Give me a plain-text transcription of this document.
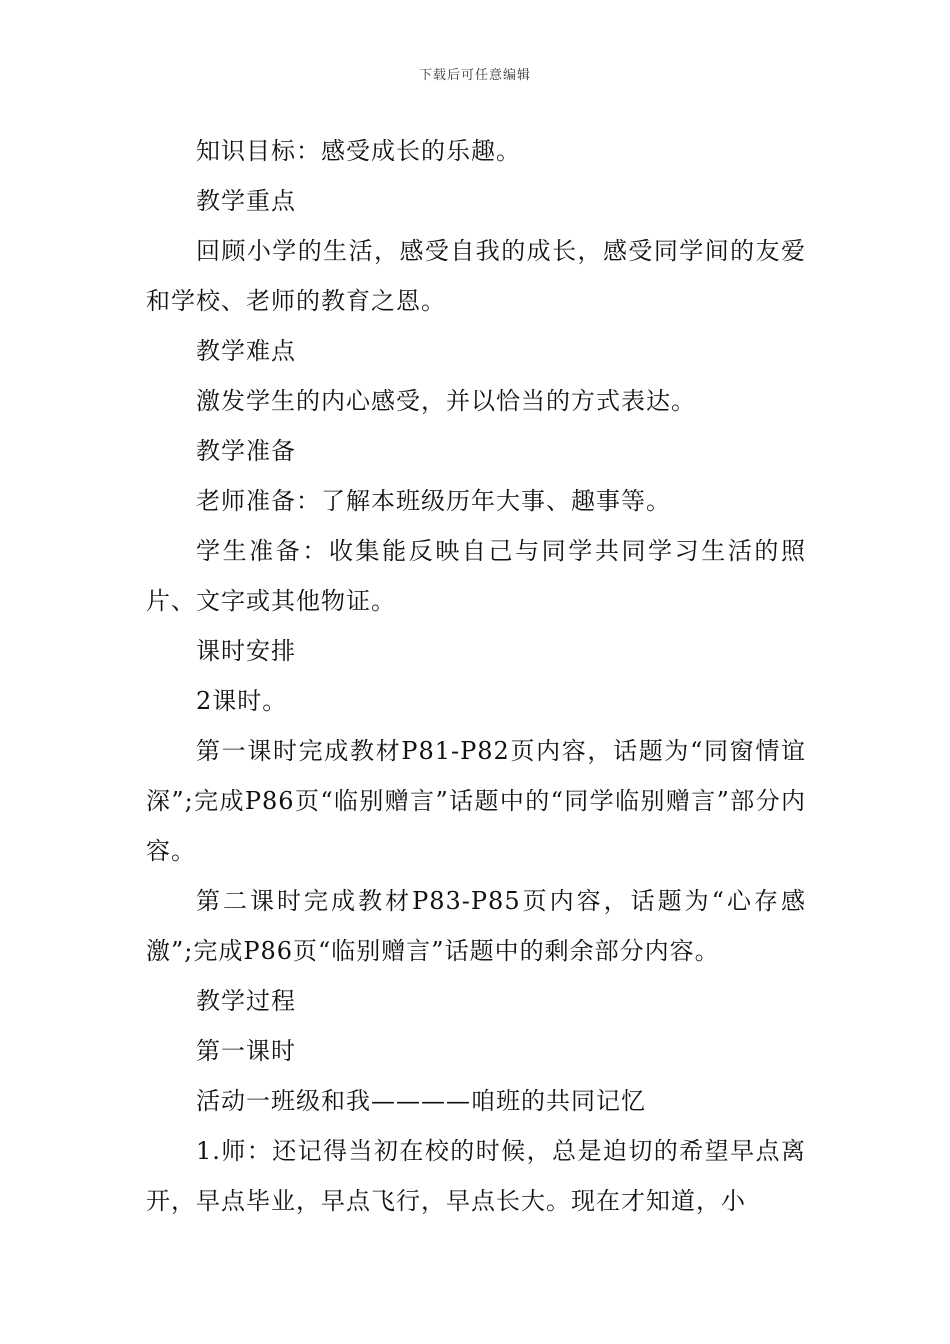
下载后可任意编辑

知识目标：感受成长的乐趣。

教学重点

回顾小学的生活，感受自我的成长，感受同学间的友爱和学校、老师的教育之恩。

教学难点

激发学生的内心感受，并以恰当的方式表达。

教学准备

老师准备：了解本班级历年大事、趣事等。

学生准备：收集能反映自己与同学共同学习生活的照片、文字或其他物证。

课时安排

2课时。

第一课时完成教材P81-P82页内容，话题为“同窗情谊深”;完成P86页“临别赠言”话题中的“同学临别赠言”部分内容。

第二课时完成教材P83-P85页内容，话题为“心存感激”;完成P86页“临别赠言”话题中的剩余部分内容。

教学过程

第一课时

活动一班级和我————咱班的共同记忆

1.师：还记得当初在校的时候，总是迫切的希望早点离开，早点毕业，早点飞行，早点长大。现在才知道，小
